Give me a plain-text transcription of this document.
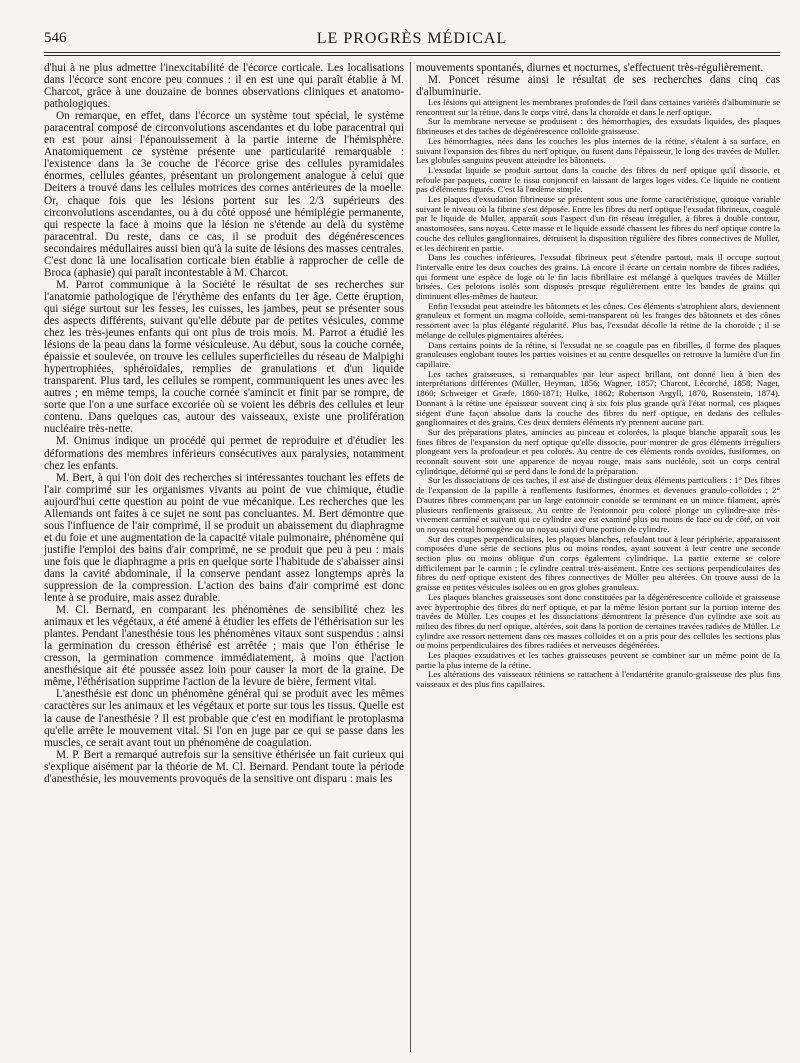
546	LE PROGRÈS MÉDICAL

d'hui à ne plus admettre l'inexcitabilité de l'écorce corticale. Les localisations dans l'écorce sont encore peu connues : il en est une qui paraît établie à M. Charcot, grâce à une douzaine de bonnes observations cliniques et anatomo-pathologiques.

On remarque, en effet, dans l'écorce un système tout spécial, le système paracentral composé de circonvolutions ascendantes et du lobe paracentral qui en est pour ainsi l'épanouissement à la partie interne de l'hémisphère. Anatomiquement ce système présente une particularité remarquable : l'existence dans la 3e couche de l'écorce grise des cellules pyramidales énormes, cellules géantes, présentant un prolongement analogue à celui que Deiters a trouvé dans les cellules motrices des cornes antérieures de la moelle. Or, chaque fois que les lésions portent sur les 2/3 supérieurs des circonvolutions ascendantes, ou à du côté opposé une hémiplégie permanente, qui respecte la face à moins que la lésion ne s'étende au delà du système paracentral. Du reste, dans ce cas, il se produit des dégénérescences secondaires médullaires aussi bien qu'à la suite de lésions des masses centrales. C'est donc là une localisation corticale bien établie à rapprocher de celle de Broca (aphasie) qui paraît incontestable à M. Charcot.

M. Parrot communique à la Société le résultat de ses recherches sur l'anatomie pathologique de l'érythème des enfants du 1er âge. Cette éruption, qui siége surtout sur les fesses, les cuisses, les jambes, peut se présenter sous des aspects différents, suivant qu'elle débute par de petites vésicules, comme chez les très-jeunes enfants qui ont plus de trois mois. M. Parrot a étudié les lésions de la peau dans la forme vésiculeuse. Au début, sous la couche cornée, épaissie et soulevée, on trouve les cellules superficielles du réseau de Malpighi hypertrophiées, sphéroïdales, remplies de granulations et d'un liquide transparent. Plus tard, les cellules se rompent, communiquent les unes avec les autres ; en même temps, la couche cornée s'amincit et finit par se rompre, de sorte que l'on a une surface excoriée où se voient les débris des cellules et leur contenu. Dans quelques cas, autour des vaisseaux, existe une prolifération nucléaire très-nette.

M. Onimus indique un procédé qui permet de reproduire et d'étudier les déformations des membres inférieurs consécutives aux paralysies, notamment chez les enfants.

M. Bert, à qui l'on doit des recherches si intéressantes touchant les effets de l'air comprimé sur les organismes vivants au point de vue chimique, étudie aujourd'hui cette question au point de vue mécanique. Les recherches que les Allemands ont faites à ce sujet ne sont pas concluantes. M. Bert démontre que sous l'influence de l'air comprimé, il se produit un abaissement du diaphragme et du foie et une augmentation de la capacité vitale pulmonaire, phénomène qui justifie l'emploi des bains d'air comprimé, ne se produit que peu à peu : mais une fois que le diaphragme a pris en quelque sorte l'habitude de s'abaisser ainsi dans la cavité abdominale, il la conserve pendant assez longtemps après la suppression de la compression. L'action des bains d'air comprimé est donc lente à se produire, mais assez durable.

M. Cl. Bernard, en comparant les phénomènes de sensibilité chez les animaux et les végétaux, a été amené à étudier les effets de l'éthérisation sur les plantes. Pendant l'anesthésie tous les phénomènes vitaux sont suspendus : ainsi la germination du cresson éthérisé est arrêtée ; mais que l'on éthérise le cresson, la germination commence immédiatement, à moins que l'action anesthésique ait été poussée assez loin pour causer la mort de la graine. De même, l'éthérisation supprime l'action de la levure de bière, ferment vital.

L'anesthésie est donc un phénomène général qui se produit avec les mêmes caractères sur les animaux et les végétaux et porte sur tous les tissus. Quelle est la cause de l'anesthésie ? Il est probable que c'est en modifiant le protoplasma qu'elle arrête le mouvement vital. Si l'on en juge par ce qui se passe dans les muscles, ce serait avant tout un phénomène de coagulation.

M. P. Bert a remarqué autrefois sur la sensitive éthérisée un fait curieux qui s'explique aisément par la théorie de M. Cl. Bernard. Pendant toute la période d'anesthésie, les mouvements provoqués de la sensitive ont disparu : mais les

mouvements spontanés, diurnes et nocturnes, s'effectuent très-régulièrement.

M. Poncet résume ainsi le résultat de ses recherches dans cinq cas d'albuminurie.

Les lésions qui atteignent les membranes profondes de l'œil dans certaines variétés d'albuminurie se rencontrent sur la rétine, dans le corps vitré, dans la choroïde et dans le nerf optique.

Sur la membrane nerveuse se produisent : des hémorrhagies, des exsudats liquides, des plaques fibrineuses et des taches de dégénérescence colloïde graisseuse.

Les hémorrhagies, nées dans les couches les plus internes de la rétine, s'étalent à sa surface, en suivant l'expansion des fibres du nerf optique, ou fusent dans l'épaisseur, le long des travées de Muller. Les globules sanguins peuvent atteindre les bâtonnets.

L'exsudat liquide se produit surtout dans la couche des fibres du nerf optique qu'il dissocie, et refoule par paquets, contre le tissu conjonctif en laissant de larges loges vides. Ce liquide ne contient pas d'éléments figurés. C'est là l'œdème simple.

Les plaques d'exsudation fibrineuse se présentent sous une forme caractéristique, quoique variable suivant le niveau où la fibrine s'est déposée. Entre les fibres du nerf optique l'exsudat fibrineux, coagulé par le liquide de Muller, apparaît sous l'aspect d'un fin réseau irrégulier, à fibres à double contour, anastomosées, sans noyau. Cette masse et le liquide exsudé chassent les fibres du nerf optique contre la couche des cellules ganglionnaires, détruisent la disposition régulière des fibres connectives de Muller, et les déchirent en partie.

Dans les couches inférieures, l'exsudat fibrineux peut s'étendre partout, mais il occupe surtout l'intervalle entre les deux couches des grains. Là encore il écarte un certain nombre de fibres radiées, qui forment une espèce de loge où le fin lacis fibrillaire est mélangé à quelques travées de Müller brisées. Ces pelotons isolés sont disposés presque régulièrement entre les bandes de grains qui diminuent elles-mêmes de hauteur.

Enfin l'exsudat peut atteindre les bâtonnets et les cônes. Ces éléments s'atrophient alors, deviennent granuleux et forment un magma colloïde, semi-transparent où les franges des bâtonnets et des cônes ressortent avec la plus élégante régularité. Plus bas, l'exsudat décolle la rétine de la choroïde ; il se mélange de cellules pigmentaires altérées.

Dans certains points de la rétine, si l'exsudat ne se coagule pas en fibrilles, il forme des plaques granuleuses englobant toutes les parties voisines et au centre desquelles on retrouve la lumière d'un fin capillaire.

Les taches graisseuses, si remarquables par leur aspect brillant, ont donné lieu à bien des interprétations différentes (Müller, Heyman, 1856; Wagner, 1857; Charcot, Lécorché, 1858; Naget, 1860; Schweiger et Græfe, 1860-1871; Hulke, 1862; Robertson Argyll, 1870, Rosenstein, 1874). Donnant à la rétine une épaisseur souvent cinq à six fois plus grande qu'à l'état normal, ces plaques siégent d'une façon absolue dans la couche des fibres du nerf optique, en dedans des cellules ganglionnaires et des grains. Ces deux derniers éléments n'y prennent aucune part.

Sur des préparations plates, amincies au pinceau et colorées, la plaque blanche apparaît sous les fines fibres de l'expansion du nerf optique qu'elle dissocie, pour montrer de gros éléments irréguliers plongeant vers la profondeur et peu colorés. Au centre de ces éléments ronds ovoïdes, fusiformes, on reconnaît souvent soit une apparence de noyau rouge, mais sans nucléole, soit un corps central cylindrique, déformé qui se perd dans le fond de la préparation.

Sur les dissociations de ces taches, il est aisé de distinguer deux éléments particuliers : 1° Des fibres de l'expansion de la papille à renflements fusiformes, énormes et devenues granulo-colloïdes ; 2° D'autres fibres commençant par un large entonnoir conoïde se terminant en un mince filament, après plusieurs renflements graisseux. Au centre de l'entonnoir peu coloré plonge un cylindre-axe très-vivement carminé et suivant qui ce cylindre axe est examiné plus ou moins de face ou de côté, on voit un noyau central homogène ou un noyau suivi d'une portion de cylindre.

Sur des coupes perpendiculaires, les plaques blanches, refoulant tout à leur périphérie, apparaissent composées d'une série de sections plus ou moins rondes, ayant souvent à leur centre une seconde section plus ou moins oblique d'un corps également cylindrique. La partie externe se colore difficilement par le carmin ; le cylindre central très-aisément. Entre ces sections perpendiculaires des fibres du nerf optique existent des fibres connectives de Müller peu altérées. On trouve aussi de la graisse en petites vésicules isolées ou en gros globes granuleux.

Les plaques blanches graisseuses sont donc constituées par la dégénérescence colloïde et graisseuse avec hypertrophie des fibres du nerf optique, et par la même lésion portant sur la portion interne des travées de Müller. Les coupes et les dissociations démontrent la présence d'un cylindre axe soit au milieu des fibres du nerf optique, altérées, soit dans la portion de certaines travées radiées de Müller. Le cylindre axe ressort nettement dans ces masses colloïdes et on a pris pour des cellules les sections plus ou moins perpendiculaires des fibres radiées et nerveuses dégénérées.

Les plaques exsudatives et les taches graisseuses peuvent se combiner sur un même point de la partie la plus interne de la rétine.

Les altérations des vaisseaux rétiniens se rattachent à l'endartérite granulo-graisseuse des plus fins vaisseaux et des plus fins capillaires.
